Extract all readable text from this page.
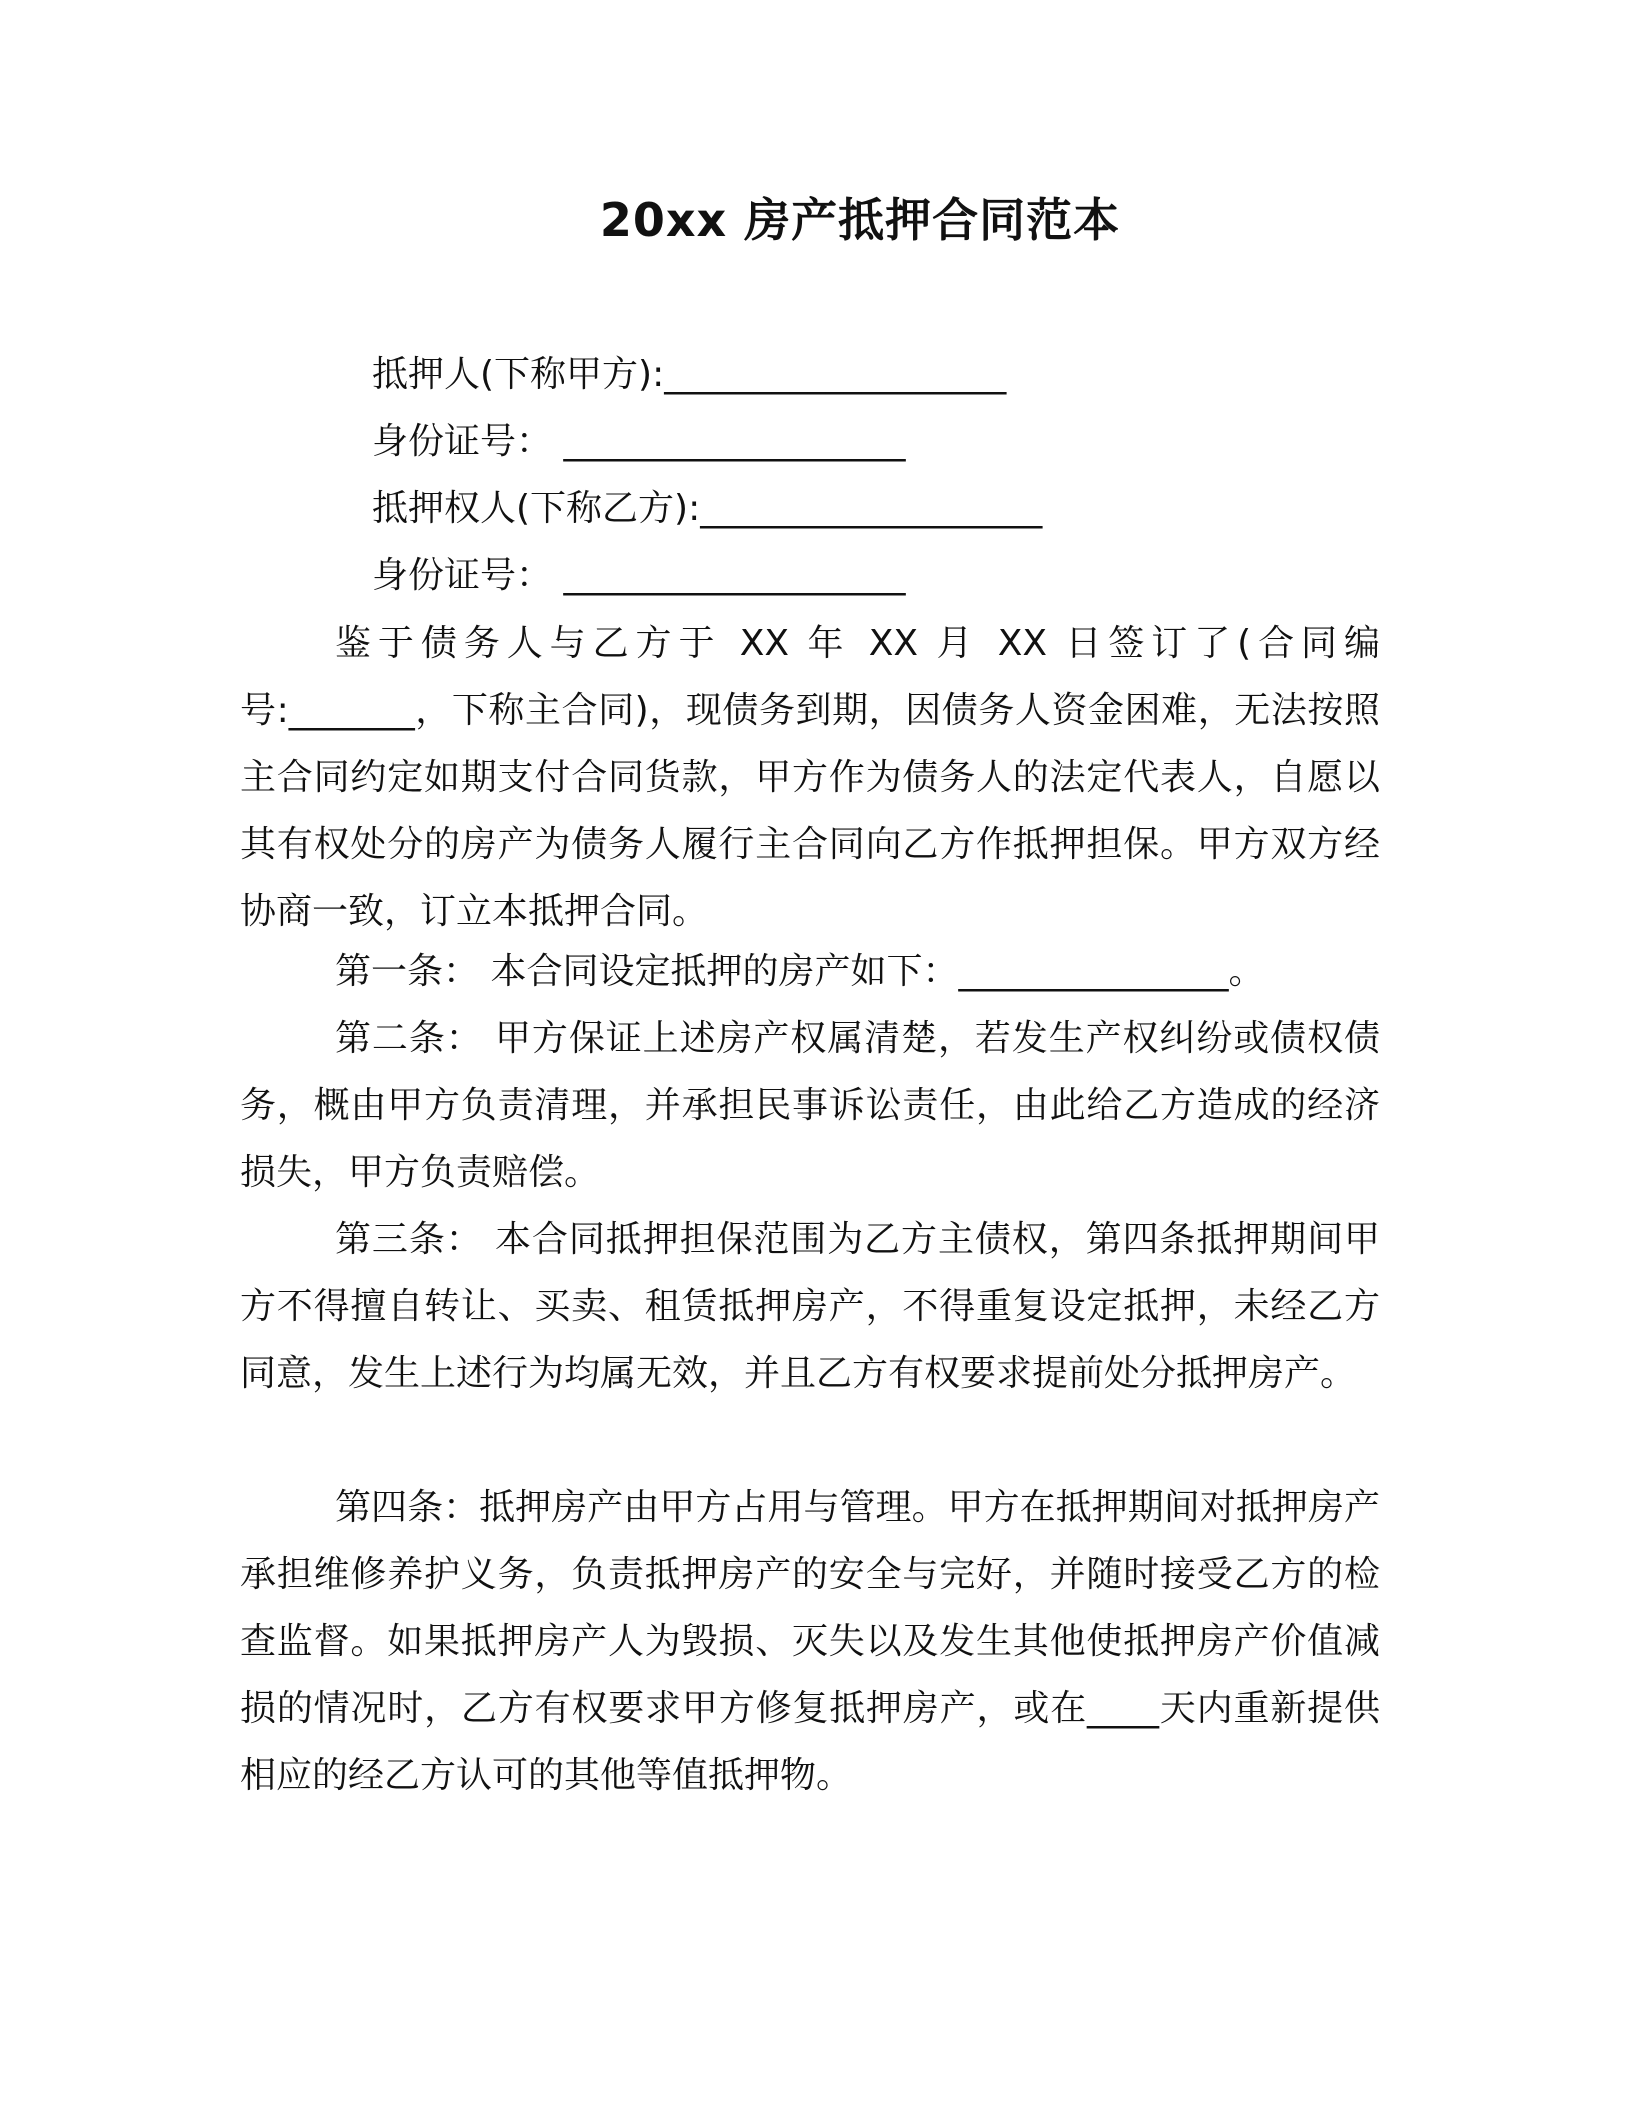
20xx 房产抵押合同范本
抵押人(下称甲方):___________________
身份证号： ___________________
抵押权人(下称乙方):___________________
身份证号： ___________________

鉴于债务人与乙方于 XX 年 XX 月 XX 日签订了(合同编号:_______，下称主合同)，现债务到期，因债务人资金困难，无法按照主合同约定如期支付合同货款，甲方作为债务人的法定代表人，自愿以其有权处分的房产为债务人履行主合同向乙方作抵押担保。甲方双方经协商一致，订立本抵押合同。

第一条： 本合同设定抵押的房产如下：_______________。

第二条： 甲方保证上述房产权属清楚，若发生产权纠纷或债权债务，概由甲方负责清理，并承担民事诉讼责任，由此给乙方造成的经济损失，甲方负责赔偿。

第三条： 本合同抵押担保范围为乙方主债权，第四条抵押期间甲方不得擅自转让、买卖、租赁抵押房产，不得重复设定抵押，未经乙方同意，发生上述行为均属无效，并且乙方有权要求提前处分抵押房产。

第四条：抵押房产由甲方占用与管理。甲方在抵押期间对抵押房产承担维修养护义务，负责抵押房产的安全与完好，并随时接受乙方的检查监督。如果抵押房产人为毁损、灭失以及发生其他使抵押房产价值减损的情况时，乙方有权要求甲方修复抵押房产，或在____天内重新提供相应的经乙方认可的其他等值抵押物。
